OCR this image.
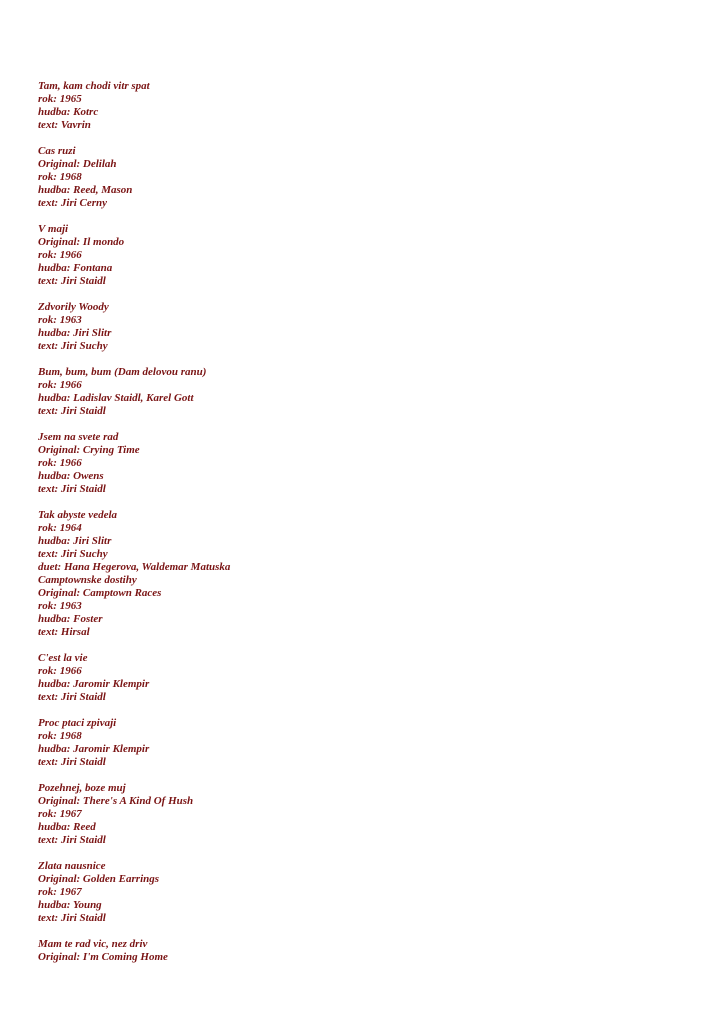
Tam, kam chodi vitr spat
rok: 1965
hudba: Kotrc
text: Vavrin
Cas ruzi
Original: Delilah
rok: 1968
hudba: Reed, Mason
text: Jiri Cerny
V maji
Original: Il mondo
rok: 1966
hudba: Fontana
text: Jiri Staidl
Zdvorily Woody
rok: 1963
hudba: Jiri Slitr
text: Jiri Suchy
Bum, bum, bum (Dam delovou ranu)
rok: 1966
hudba: Ladislav Staidl, Karel Gott
text: Jiri Staidl
Jsem na svete rad
Original: Crying Time
rok: 1966
hudba: Owens
text: Jiri Staidl
Tak abyste vedela
rok: 1964
hudba: Jiri Slitr
text: Jiri Suchy
duet: Hana Hegerova, Waldemar Matuska
Camptownske dostihy
Original: Camptown Races
rok: 1963
hudba: Foster
text: Hirsal
C'est la vie
rok: 1966
hudba: Jaromir Klempir
text: Jiri Staidl
Proc ptaci zpivaji
rok: 1968
hudba: Jaromir Klempir
text: Jiri Staidl
Pozehnej, boze muj
Original: There's A Kind Of Hush
rok: 1967
hudba: Reed
text: Jiri Staidl
Zlata nausnice
Original: Golden Earrings
rok: 1967
hudba: Young
text: Jiri Staidl
Mam te rad vic, nez driv
Original: I'm Coming Home
